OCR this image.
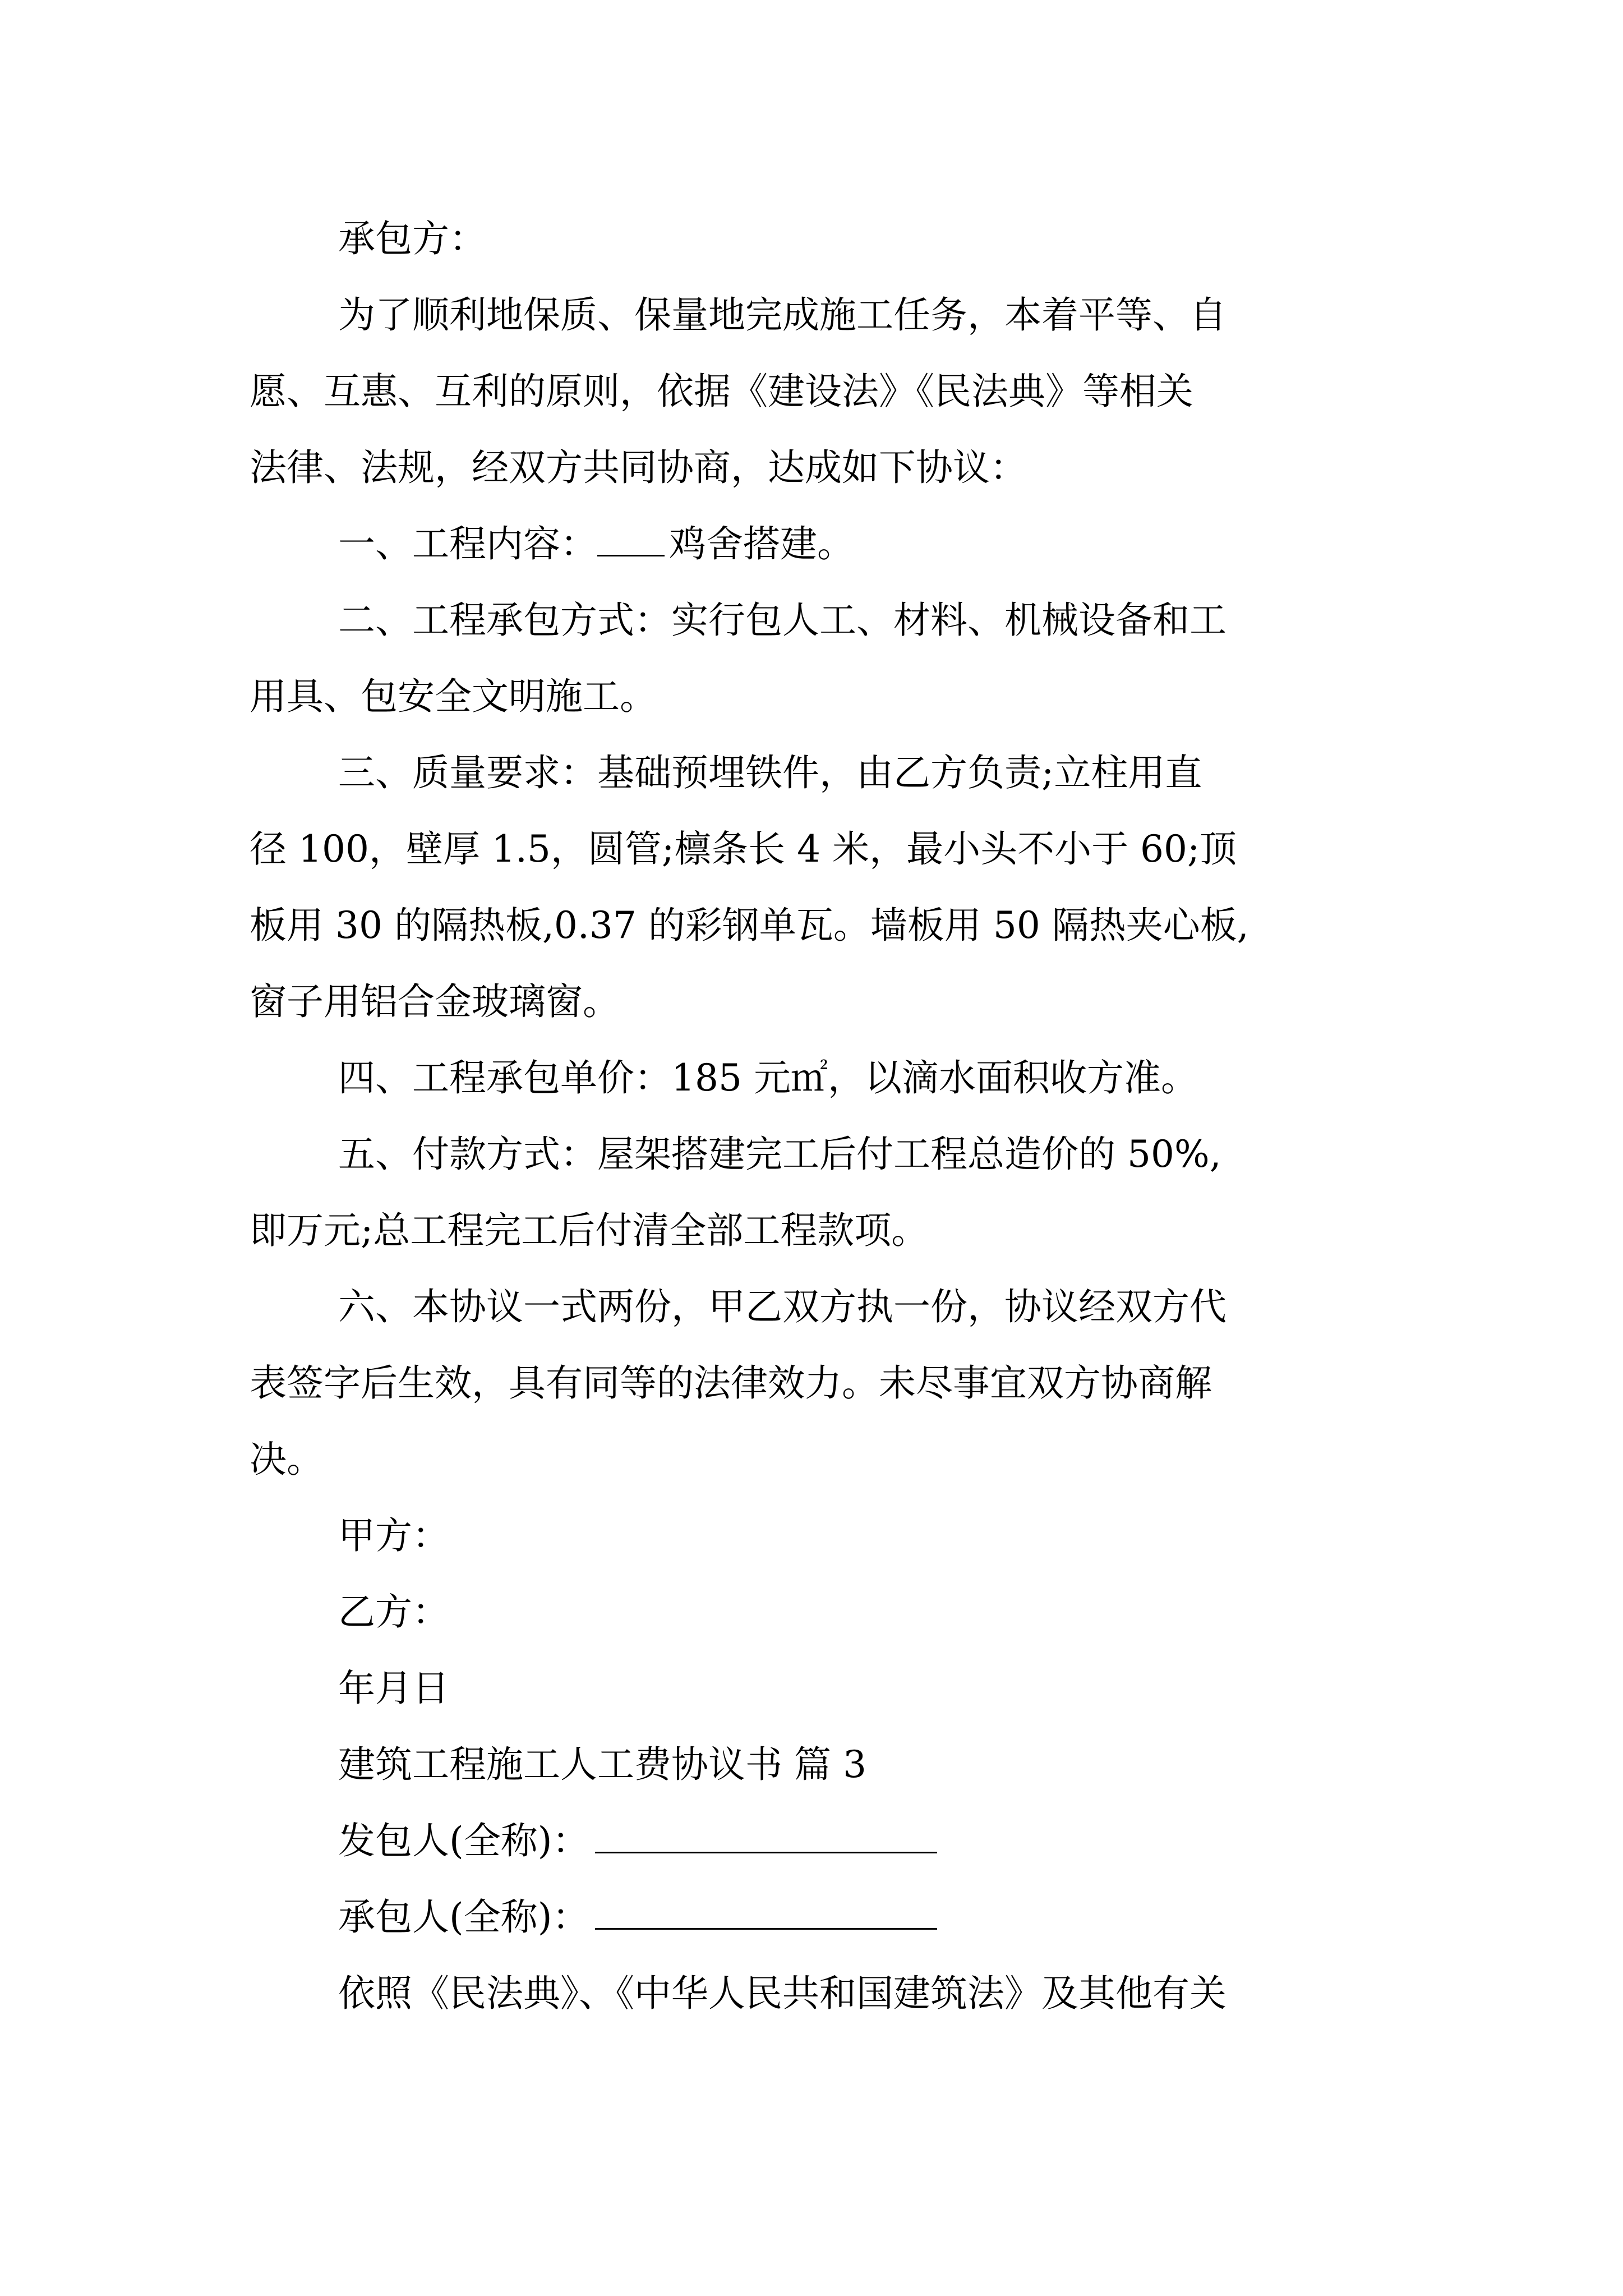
承包方：
为了顺利地保质、保量地完成施工任务，本着平等、自
愿、互惠、互利的原则，依据《建设法》《民法典》等相关
法律、法规，经双方共同协商，达成如下协议：
一、工程内容： 鸡舍搭建。
二、工程承包方式：实行包人工、材料、机械设备和工
用具、包安全文明施工。
三、质量要求：基础预埋铁件，由乙方负责;立柱用直
径 100，壁厚 1.5，圆管;檩条长 4 米，最小头不小于 60;顶
板用 30 的隔热板,0.37 的彩钢单瓦。墙板用 50 隔热夹心板,
窗子用铝合金玻璃窗。
四、工程承包单价：185 元㎡，以滴水面积收方准。
五、付款方式：屋架搭建完工后付工程总造价的 50%,
即万元;总工程完工后付清全部工程款项。
六、本协议一式两份，甲乙双方执一份，协议经双方代
表签字后生效，具有同等的法律效力。未尽事宜双方协商解
决。
甲方：
乙方：
年月日
建筑工程施工人工费协议书 篇 3
发包人(全称)：
承包人(全称)：
依照《民法典》、《中华人民共和国建筑法》及其他有关
